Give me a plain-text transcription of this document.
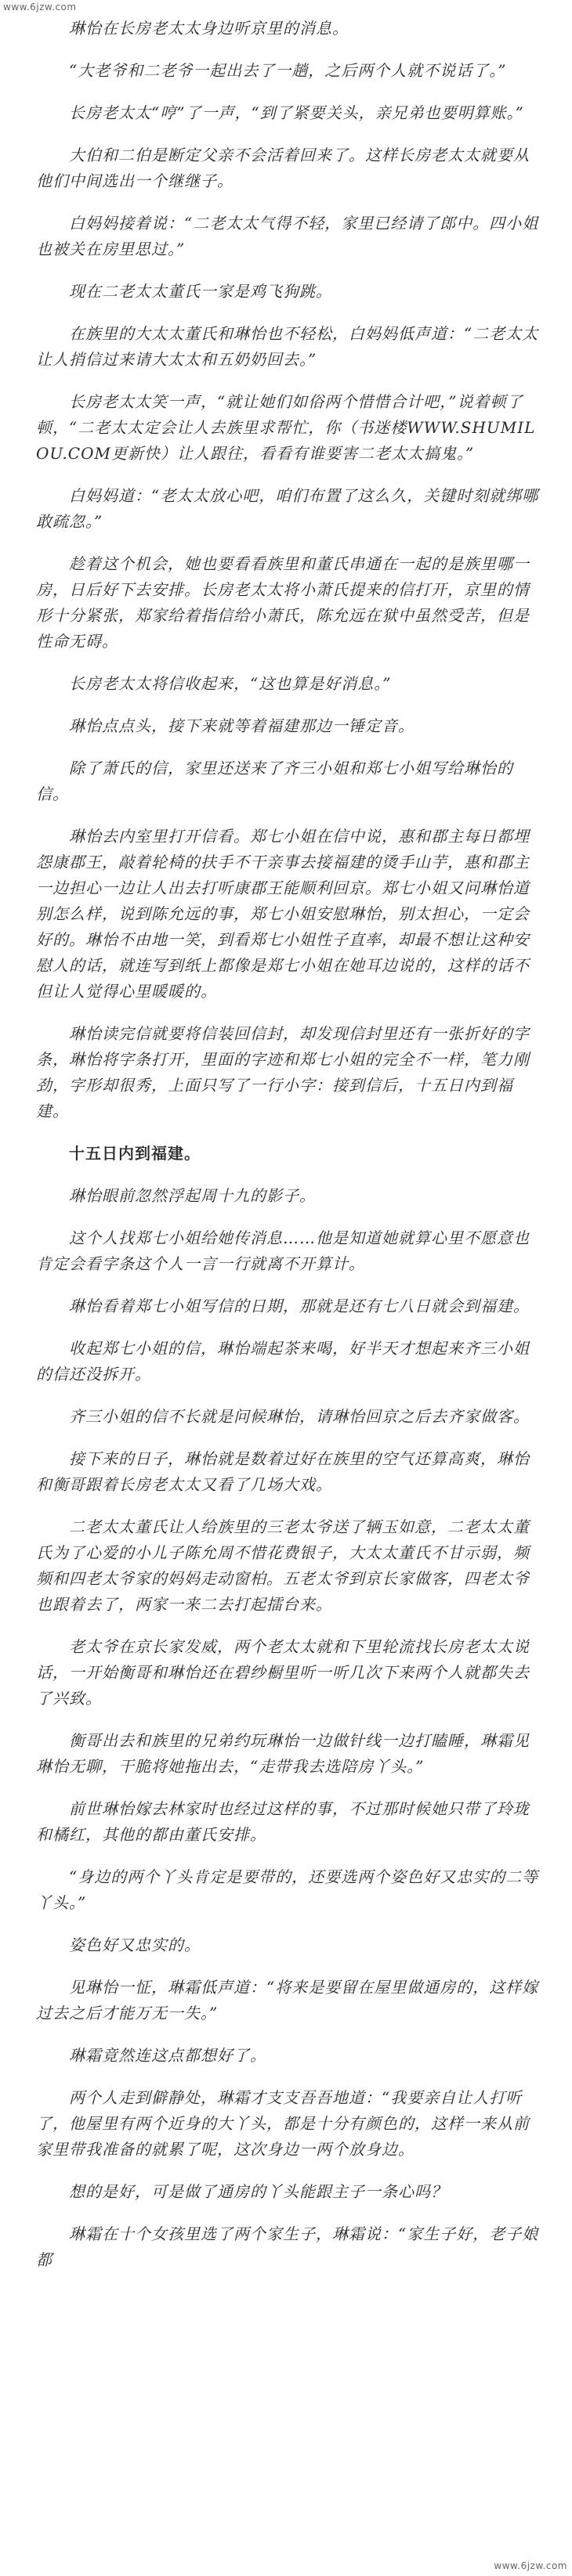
www.6jzw.com

琳怡在长房老太太身边听京里的消息。

“大老爷和二老爷一起出去了一趟，之后两个人就不说话了。”

长房老太太“哼”了一声，“到了紧要关头，亲兄弟也要明算账。”

大伯和二伯是断定父亲不会活着回来了。这样长房老太太就要从他们中间选出一个继继子。

白妈妈接着说：“二老太太气得不轻，家里已经请了郎中。四小姐也被关在房里思过。”

现在二老太太董氏一家是鸡飞狗跳。

在族里的大太太董氏和琳怡也不轻松，白妈妈低声道：“二老太太让人捎信过来请大太太和五奶奶回去。”

长房老太太笑一声，“就让她们如俗两个惜惜合计吧，”说着顿了顿，“二老太太定会让人去族里求帮忙，你（书迷楼WWW.SHUMILOU.COM更新快）让人跟往，看看有谁要害二老太太搞鬼。”

白妈妈道：“老太太放心吧，咱们布置了这么久，关键时刻就绑哪敢疏忽。”

趁着这个机会，她也要看看族里和董氏串通在一起的是族里哪一房，日后好下去安排。长房老太太将小萧氏提来的信打开，京里的情形十分紧张，郑家给着指信给小萧氏，陈允远在狱中虽然受苦，但是性命无碍。

长房老太太将信收起来，“这也算是好消息。”

琳怡点点头，接下来就等着福建那边一锤定音。

除了萧氏的信，家里还送来了齐三小姐和郑七小姐写给琳怡的信。

琳怡去内室里打开信看。郑七小姐在信中说，惠和郡主每日都埋怨康郡王，敲着轮椅的扶手不干亲事去接福建的烫手山芋，惠和郡主一边担心一边让人出去打听康郡王能顺利回京。郑七小姐又问琳怡道别怎么样，说到陈允远的事，郑七小姐安慰琳怡，别太担心，一定会好的。琳怡不由地一笑，到看郑七小姐性子直率，却最不想让这种安慰人的话，就连写到纸上都像是郑七小姐在她耳边说的，这样的话不但让人觉得心里暖暖的。

琳怡读完信就要将信装回信封，却发现信封里还有一张折好的字条，琳怡将字条打开，里面的字迹和郑七小姐的完全不一样，笔力刚劲，字形却很秀，上面只写了一行小字：接到信后，十五日内到福建。

十五日内到福建。

琳怡眼前忽然浮起周十九的影子。

这个人找郑七小姐给她传消息……他是知道她就算心里不愿意也肯定会看字条这个人一言一行就离不开算计。

琳怡看着郑七小姐写信的日期，那就是还有七八日就会到福建。

收起郑七小姐的信，琳怡端起茶来喝，好半天才想起来齐三小姐的信还没拆开。

齐三小姐的信不长就是问候琳怡，请琳怡回京之后去齐家做客。

接下来的日子，琳怡就是数着过好在族里的空气还算高爽，琳怡和衡哥跟着长房老太太又看了几场大戏。

二老太太董氏让人给族里的三老太爷送了辆玉如意，二老太太董氏为了心爱的小儿子陈允周不惜花费银子，大太太董氏不甘示弱，频频和四老太爷家的妈妈走动窗柏。五老太爷到京长家做客，四老太爷也跟着去了，两家一来二去打起擂台来。

老太爷在京长家发威，两个老太太就和下里轮流找长房老太太说话，一开始衡哥和琳怡还在碧纱橱里听一听几次下来两个人就都失去了兴致。

衡哥出去和族里的兄弟约玩琳怡一边做针线一边打瞌睡，琳霜见琳怡无聊，干脆将她拖出去，“走带我去选陪房丫头。”

前世琳怡嫁去林家时也经过这样的事，不过那时候她只带了玲珑和橘红，其他的都由董氏安排。

“身边的两个丫头肯定是要带的，还要选两个姿色好又忠实的二等丫头。”

姿色好又忠实的。

见琳怡一怔，琳霜低声道：“将来是要留在屋里做通房的，这样嫁过去之后才能万无一失。”

琳霜竟然连这点都想好了。

两个人走到僻静处，琳霜才支支吾吾地道：“我要亲自让人打听了，他屋里有两个近身的大丫头，都是十分有颜色的，这样一来从前家里带我准备的就累了呢，这次身边一两个放身边。

想的是好，可是做了通房的丫头能跟主子一条心吗？

琳霜在十个女孩里选了两个家生子，琳霜说：“家生子好，老子娘都

www.6jzw.com
